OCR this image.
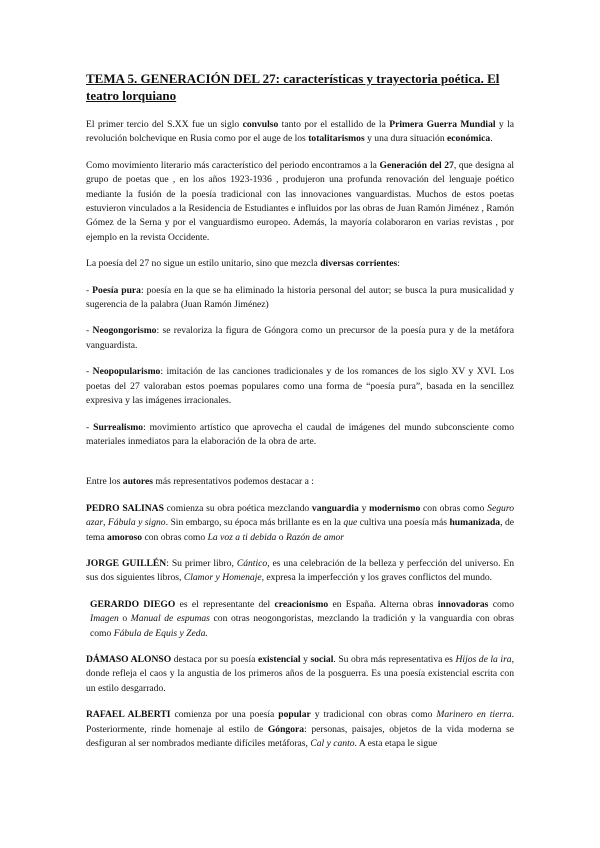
TEMA 5. GENERACIÓN DEL 27: características y trayectoria poética. El teatro lorquiano

El primer tercio del S.XX fue un siglo convulso tanto por el estallido de la Primera Guerra Mundial y la revolución bolchevique en Rusia como por el auge de los totalitarismos y una dura situación económica.

Como movimiento literario más característico del periodo encontramos a la Generación del 27, que designa al grupo de poetas que , en los años 1923-1936 , produjeron una profunda renovación del lenguaje poético mediante la fusión de la poesía tradicional con las innovaciones vanguardistas. Muchos de estos poetas estuvieron vinculados a la Residencia de Estudiantes e influidos por las obras de Juan Ramón Jiménez , Ramón Gómez de la Serna y por el vanguardismo europeo. Además, la mayoría colaboraron en varias revistas , por ejemplo en la revista Occidente.

La poesía del 27 no sigue un estilo unitario, sino que mezcla diversas corrientes:

- Poesía pura: poesía en la que se ha eliminado la historia personal del autor; se busca la pura musicalidad y sugerencia de la palabra (Juan Ramón Jiménez)

- Neogongorismo: se revaloriza la figura de Góngora como un precursor de la poesía pura y de la metáfora vanguardista.

- Neopopularismo: imitación de las canciones tradicionales y de los romances de los siglo XV y XVI. Los poetas del 27 valoraban estos poemas populares como una forma de “poesía pura”, basada en la sencillez expresiva y las imágenes irracionales.

- Surrealismo: movimiento artístico que aprovecha el caudal de imágenes del mundo subconsciente como materiales inmediatos para la elaboración de la obra de arte.

Entre los autores más representativos podemos destacar a :

PEDRO SALINAS comienza su obra poética mezclando vanguardia y modernismo con obras como Seguro azar, Fábula y signo. Sin embargo, su época más brillante es en la que cultiva una poesía más humanizada, de tema amoroso con obras como La voz a ti debida o Razón de amor

JORGE GUILLÉN: Su primer libro, Cántico, es una celebración de la belleza y perfección del universo. En sus dos siguientes libros, Clamor y Homenaje, expresa la imperfección y los graves conflictos del mundo.

GERARDO DIEGO es el representante del creacionismo en España. Alterna obras innovadoras como Imagen o Manual de espumas con otras neogongoristas, mezclando la tradición y la vanguardia con obras como Fábula de Equis y Zeda.

DÁMASO ALONSO destaca por su poesía existencial y social. Su obra más representativa es Hijos de la ira, donde refleja el caos y la angustia de los primeros años de la posguerra. Es una poesía existencial escrita con un estilo desgarrado.

RAFAEL ALBERTI comienza por una poesía popular y tradicional con obras como Marinero en tierra. Posteriormente, rinde homenaje al estilo de Góngora: personas, paisajes, objetos de la vida moderna se desfiguran al ser nombrados mediante difíciles metáforas, Cal y canto. A esta etapa le sigue
